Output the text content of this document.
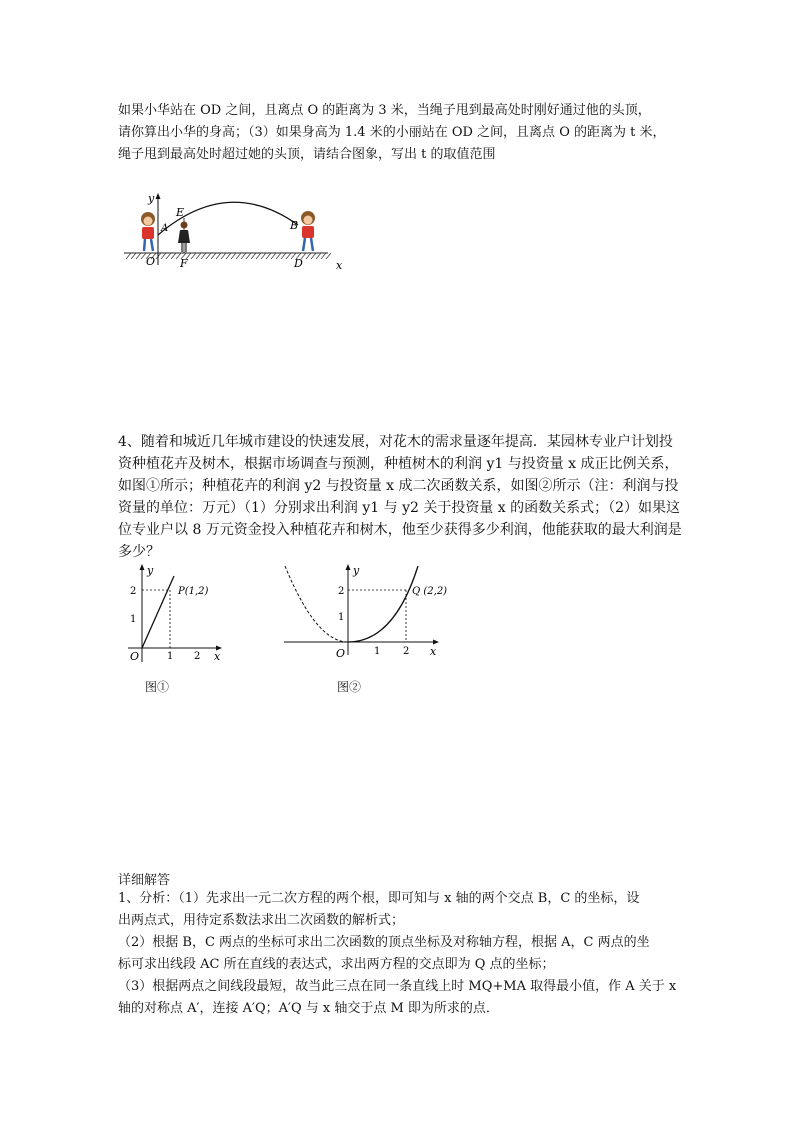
如果小华站在 OD 之间，且离点 O 的距离为 3 米，当绳子甩到最高处时刚好通过他的头顶，
请你算出小华的身高；（3）如果身高为 1.4 米的小丽站在 OD 之间，且离点 O 的距离为 t 米，
绳子甩到最高处时超过她的头顶，请结合图象，写出 t 的取值范围

y
x
E
A	B
O F	D

4、随着和城近几年城市建设的快速发展，对花木的需求量逐年提高．某园林专业户计划投
资种植花卉及树木，根据市场调查与预测，种植树木的利润 y1 与投资量 x 成正比例关系，
如图①所示；种植花卉的利润 y2 与投资量 x 成二次函数关系，如图②所示（注：利润与投
资量的单位：万元）（1）分别求出利润 y1 与 y2 关于投资量 x 的函数关系式；（2）如果这
位专业户以 8 万元资金投入种植花卉和树木，他至少获得多少利润，他能获取的最大利润是
多少？

y
x
2
1
1 2
O
P(1,2)
图①
y
x
2
1
1 2
O
Q (2,2)
图②
详细解答

1、分析：（1）先求出一元二次方程的两个根，即可知与 x 轴的两个交点 B，C 的坐标，设
出两点式，用待定系数法求出二次函数的解析式；
（2）根据 B，C 两点的坐标可求出二次函数的顶点坐标及对称轴方程，根据 A，C 两点的坐
标可求出线段 AC 所在直线的表达式，求出两方程的交点即为 Q 点的坐标；
（3）根据两点之间线段最短，故当此三点在同一条直线上时 MQ+MA 取得最小值，作 A 关于 x
轴的对称点 A′，连接 A′Q；A′Q 与 x 轴交于点 M 即为所求的点．
